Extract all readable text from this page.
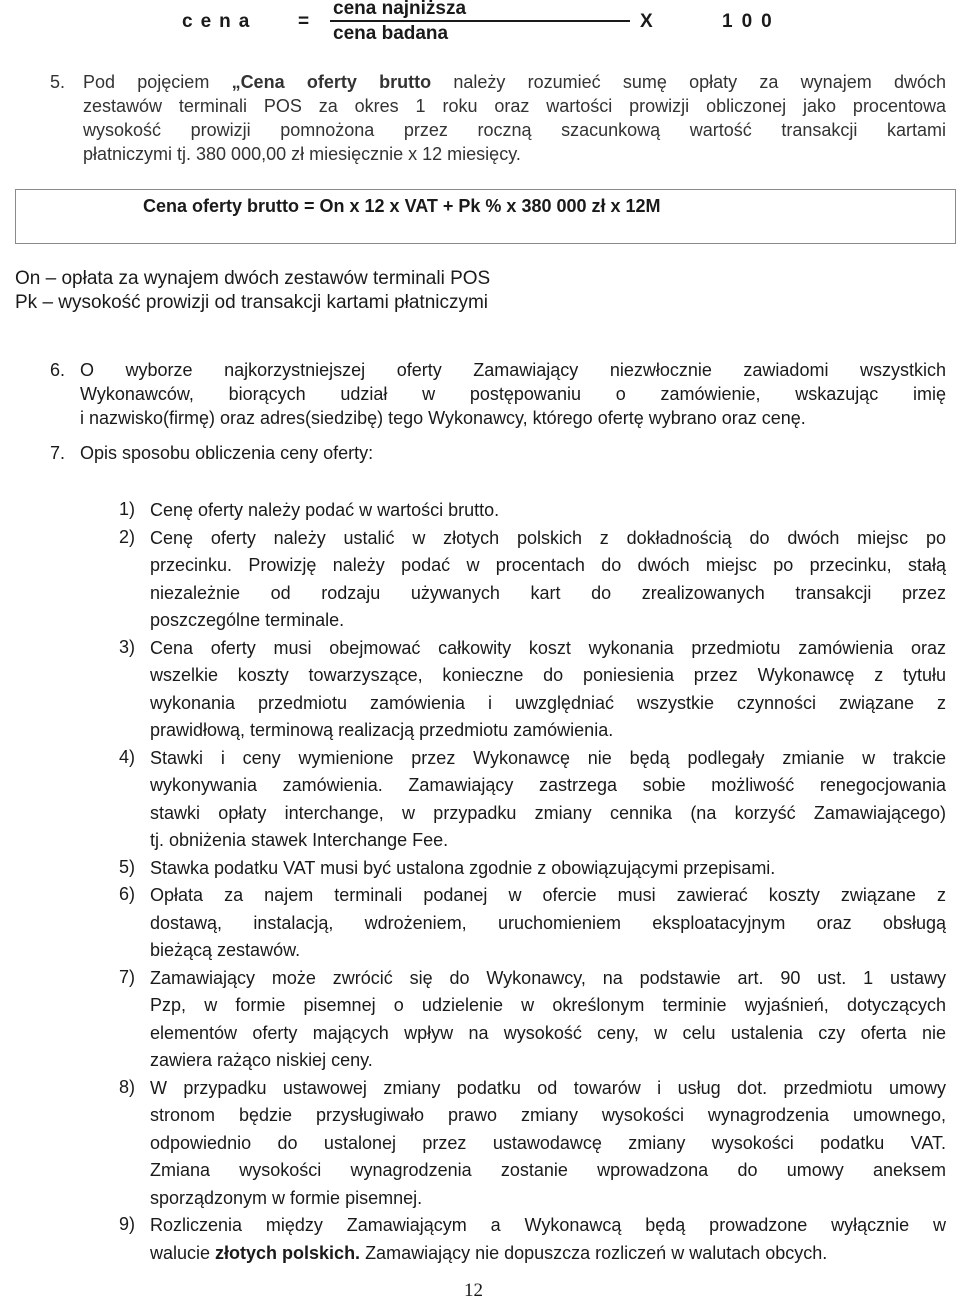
cena =
cena najniższa
cena badana
X	100
5. Pod pojęciem „Cena oferty brutto należy rozumieć sumę opłaty za wynajem dwóch
zestawów terminali POS za okres 1 roku oraz wartości prowizji obliczonej jako procentowa
wysokość prowizji pomnożona przez roczną szacunkową wartość transakcji kartami
płatniczymi tj. 380 000,00 zł miesięcznie x 12 miesięcy.
Cena oferty brutto = On x 12 x VAT + Pk % x 380 000 zł x 12M
On – opłata za wynajem dwóch zestawów terminali POS
Pk – wysokość prowizji od transakcji kartami płatniczymi
6. O wyborze najkorzystniejszej oferty Zamawiający niezwłocznie zawiadomi wszystkich
Wykonawców, biorących udział w postępowaniu o zamówienie, wskazując imię
i nazwisko(firmę) oraz adres(siedzibę) tego Wykonawcy, którego ofertę wybrano oraz cenę.
7. Opis sposobu obliczenia ceny oferty:
1) Cenę oferty należy podać w wartości brutto.
2) Cenę oferty należy ustalić w złotych polskich z dokładnością do dwóch miejsc po
przecinku. Prowizję należy podać w procentach do dwóch miejsc po przecinku, stałą
niezależnie od rodzaju używanych kart do zrealizowanych transakcji przez
poszczególne terminale.
3) Cena oferty musi obejmować całkowity koszt wykonania przedmiotu zamówienia oraz
wszelkie koszty towarzyszące, konieczne do poniesienia przez Wykonawcę z tytułu
wykonania przedmiotu zamówienia i uwzględniać wszystkie czynności związane z
prawidłową, terminową realizacją przedmiotu zamówienia.
4) Stawki i ceny wymienione przez Wykonawcę nie będą podlegały zmianie w trakcie
wykonywania zamówienia. Zamawiający zastrzega sobie możliwość renegocjowania
stawki opłaty interchange, w przypadku zmiany cennika (na korzyść Zamawiającego)
tj. obniżenia stawek Interchange Fee.
5) Stawka podatku VAT musi być ustalona zgodnie z obowiązującymi przepisami.
6) Opłata za najem terminali podanej w ofercie musi zawierać koszty związane z
dostawą, instalacją, wdrożeniem, uruchomieniem eksploatacyjnym oraz obsługą
bieżącą zestawów.
7) Zamawiający może zwrócić się do Wykonawcy, na podstawie art. 90 ust. 1 ustawy
Pzp, w formie pisemnej o udzielenie w określonym terminie wyjaśnień, dotyczących
elementów oferty mających wpływ na wysokość ceny, w celu ustalenia czy oferta nie
zawiera rażąco niskiej ceny.
8) W przypadku ustawowej zmiany podatku od towarów i usług dot. przedmiotu umowy
stronom będzie przysługiwało prawo zmiany wysokości wynagrodzenia umownego,
odpowiednio do ustalonej przez ustawodawcę zmiany wysokości podatku VAT.
Zmiana wysokości wynagrodzenia zostanie wprowadzona do umowy aneksem
sporządzonym w formie pisemnej.
9) Rozliczenia między Zamawiającym a Wykonawcą będą prowadzone wyłącznie w
walucie złotych polskich. Zamawiający nie dopuszcza rozliczeń w walutach obcych.
12
